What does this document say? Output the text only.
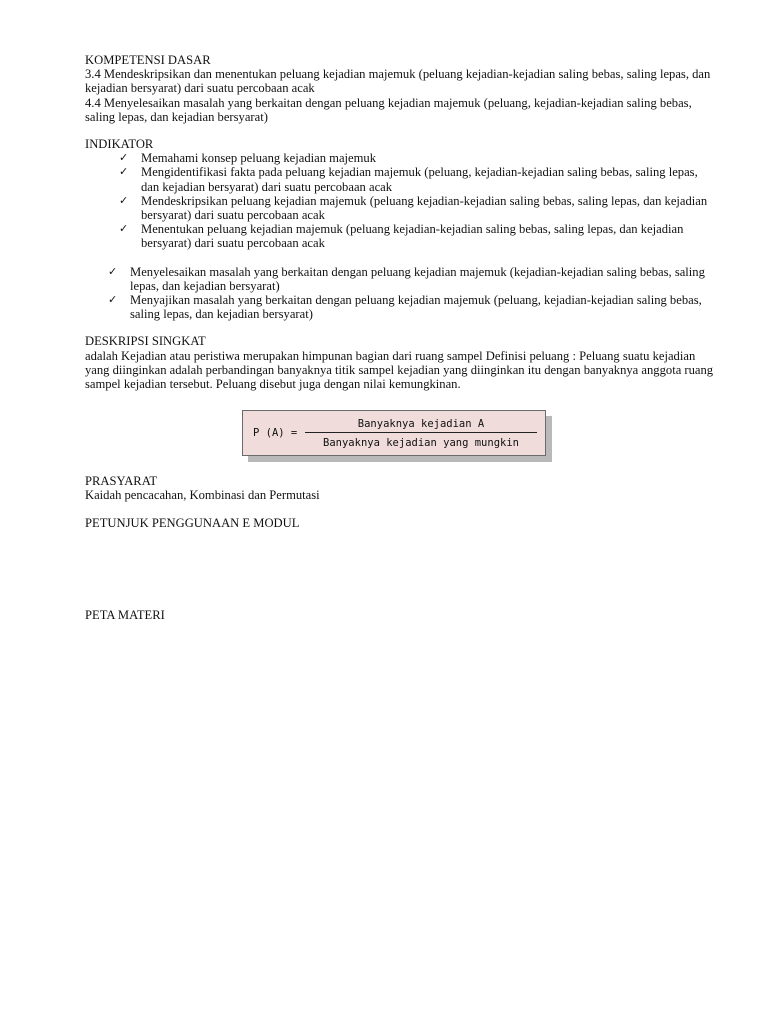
KOMPETENSI DASAR

3.4 Mendeskripsikan dan menentukan peluang kejadian majemuk (peluang kejadian-kejadian saling bebas, saling lepas, dan kejadian bersyarat) dari suatu percobaan acak

4.4 Menyelesaikan masalah yang berkaitan dengan peluang kejadian majemuk (peluang, kejadian-kejadian saling bebas, saling lepas, dan kejadian bersyarat)

INDIKATOR

✓ Memahami konsep peluang kejadian majemuk
✓ Mengidentifikasi fakta pada peluang kejadian majemuk (peluang, kejadian-kejadian saling bebas, saling lepas, dan kejadian bersyarat) dari suatu percobaan acak
✓ Mendeskripsikan peluang kejadian majemuk (peluang kejadian-kejadian saling bebas, saling lepas, dan kejadian bersyarat) dari suatu percobaan acak
✓ Menentukan peluang kejadian majemuk (peluang kejadian-kejadian saling bebas, saling lepas, dan kejadian bersyarat) dari suatu percobaan acak
✓ Menyelesaikan masalah yang berkaitan dengan peluang kejadian majemuk (kejadian-kejadian saling bebas, saling lepas, dan kejadian bersyarat)
✓ Menyajikan masalah yang berkaitan dengan peluang kejadian majemuk (peluang, kejadian-kejadian saling bebas, saling lepas, dan kejadian bersyarat)

DESKRIPSI SINGKAT

adalah Kejadian atau peristiwa merupakan himpunan bagian dari ruang sampel Definisi peluang : Peluang suatu kejadian yang diinginkan adalah perbandingan banyaknya titik sampel kejadian yang diinginkan itu dengan banyaknya anggota ruang sampel kejadian tersebut. Peluang disebut juga dengan nilai kemungkinan.

P (A) =
Banyaknya kejadian A
Banyaknya kejadian yang mungkin

PRASYARAT

Kaidah pencacahan, Kombinasi dan Permutasi

PETUNJUK PENGGUNAAN E MODUL

PETA MATERI
